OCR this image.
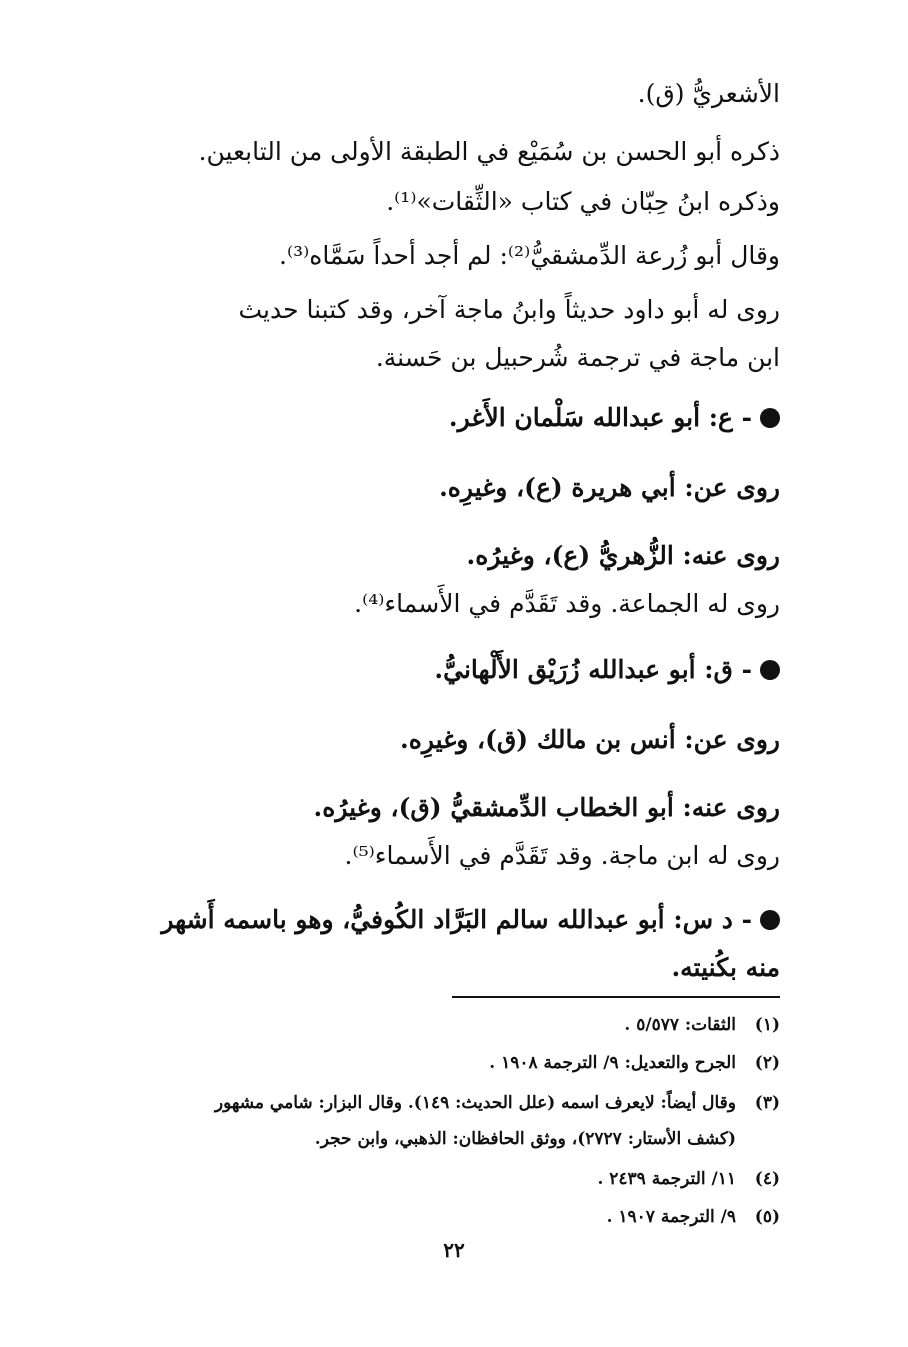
الأشعريُّ (ق).
ذكره أبو الحسن بن سُمَيْع في الطبقة الأولى من التابعين.
وذكره ابنُ حِبّان في كتاب «الثِّقات»⁽¹⁾.
وقال أبو زُرعة الدِّمشقيُّ⁽²⁾: لم أجد أحداً سَمَّاه⁽³⁾.
روى له أبو داود حديثاً وابنُ ماجة آخر، وقد كتبنا حديث
ابن ماجة في ترجمة شُرحبيل بن حَسنة.
- ع: أبو عبدالله سَلْمان الأَغر.
روى عن: أبي هريرة (ع)، وغيرِه.
روى عنه: الزُّهريُّ (ع)، وغيرُه.
روى له الجماعة. وقد تَقَدَّم في الأَسماء⁽⁴⁾.
- ق: أبو عبدالله زُرَيْق الأَلْهانيُّ.
روى عن: أنس بن مالك (ق)، وغيرِه.
روى عنه: أبو الخطاب الدِّمشقيُّ (ق)، وغيرُه.
روى له ابن ماجة. وقد تَقَدَّم في الأَسماء⁽⁵⁾.
- د س: أبو عبدالله سالم البَرَّاد الكُوفيُّ، وهو باسمه أَشهر
منه بكُنيته.
(١)الثقات: ٥/٥٧٧ .
(٢)الجرح والتعديل: ٩/ الترجمة ١٩٠٨ .
(٣)وقال أيضاً: لايعرف اسمه (علل الحديث: ١٤٩). وقال البزار: شامي مشهور
(كشف الأستار: ٢٧٢٧)، ووثق الحافظان: الذهبي، وابن حجر.
(٤)١١/ الترجمة ٢٤٣٩ .
(٥)٩/ الترجمة ١٩٠٧ .
٢٢
